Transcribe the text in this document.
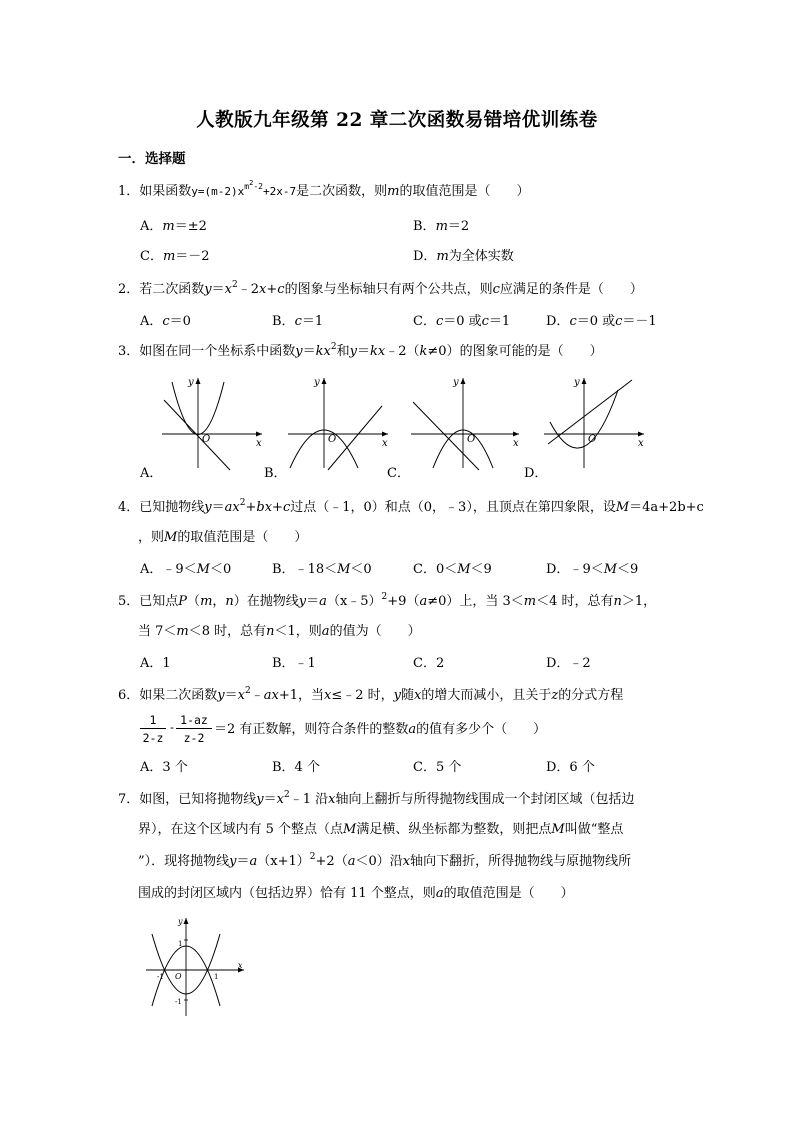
人教版九年级第 22 章二次函数易错培优训练卷
一．选择题
1．如果函数$y=(m-2)x^{m^2-2}+2x-7$是二次函数，则m的取值范围是（　　）
A．m＝±2	B．m＝2
C．m＝－2	D．m为全体实数
2．若二次函数$y=x^2﹣2x+c$的图象与坐标轴只有两个公共点，则c应满足的条件是（　　）
A．c＝0	B．c＝1	C．c＝0 或c＝1	D．c＝0 或c＝－1
3．如图在同一个坐标系中函数$y=kx^2$和y＝kx﹣2（k≠0）的图象可能的是（　　）
y
x
O
y
x
O
y
x
O
y
x
O
A．	B．	C．	D．
4．已知抛物线$y=ax^2+bx+c$过点（﹣1，0）和点（0，﹣3），且顶点在第四象限，设M＝4a+2b+c
，则M的取值范围是（　　）
A．﹣9＜M＜0	B．﹣18＜M＜0	C．0＜M＜9	D．﹣9＜M＜9
5．已知点P（m，n）在抛物线y＝a（x﹣5）$^2$+9（a≠0）上，当 3＜m＜4 时，总有n＞1，
当 7＜m＜8 时，总有n＜1，则a的值为（　　）
A．1	B．﹣1	C．2	D．﹣2
6．如果二次函数$y=x^2﹣ax+1$，当x≤﹣2 时，y随x的增大而减小，且关于z的分式方程
$\frac{1}{2-z} - \frac{1-az}{z-2} =2$ 有正数解，则符合条件的整数a的值有多少个（　　）
A．3 个	B．4 个	C．5 个	D．6 个
7．如图，已知将抛物线$y=x^2﹣1$ 沿x轴向上翻折与所得抛物线围成一个封闭区域（包括边
界），在这个区域内有 5 个整点（点M满足横、纵坐标都为整数，则把点M叫做“整点
”）．现将抛物线$y=a(x+1)^2+2(a<0)$沿x轴向下翻折，所得抛物线与原抛物线所
围成的封闭区域内（包括边界）恰有 11 个整点，则a的取值范围是（　　）
y
x
O
-1	1
1
-1
